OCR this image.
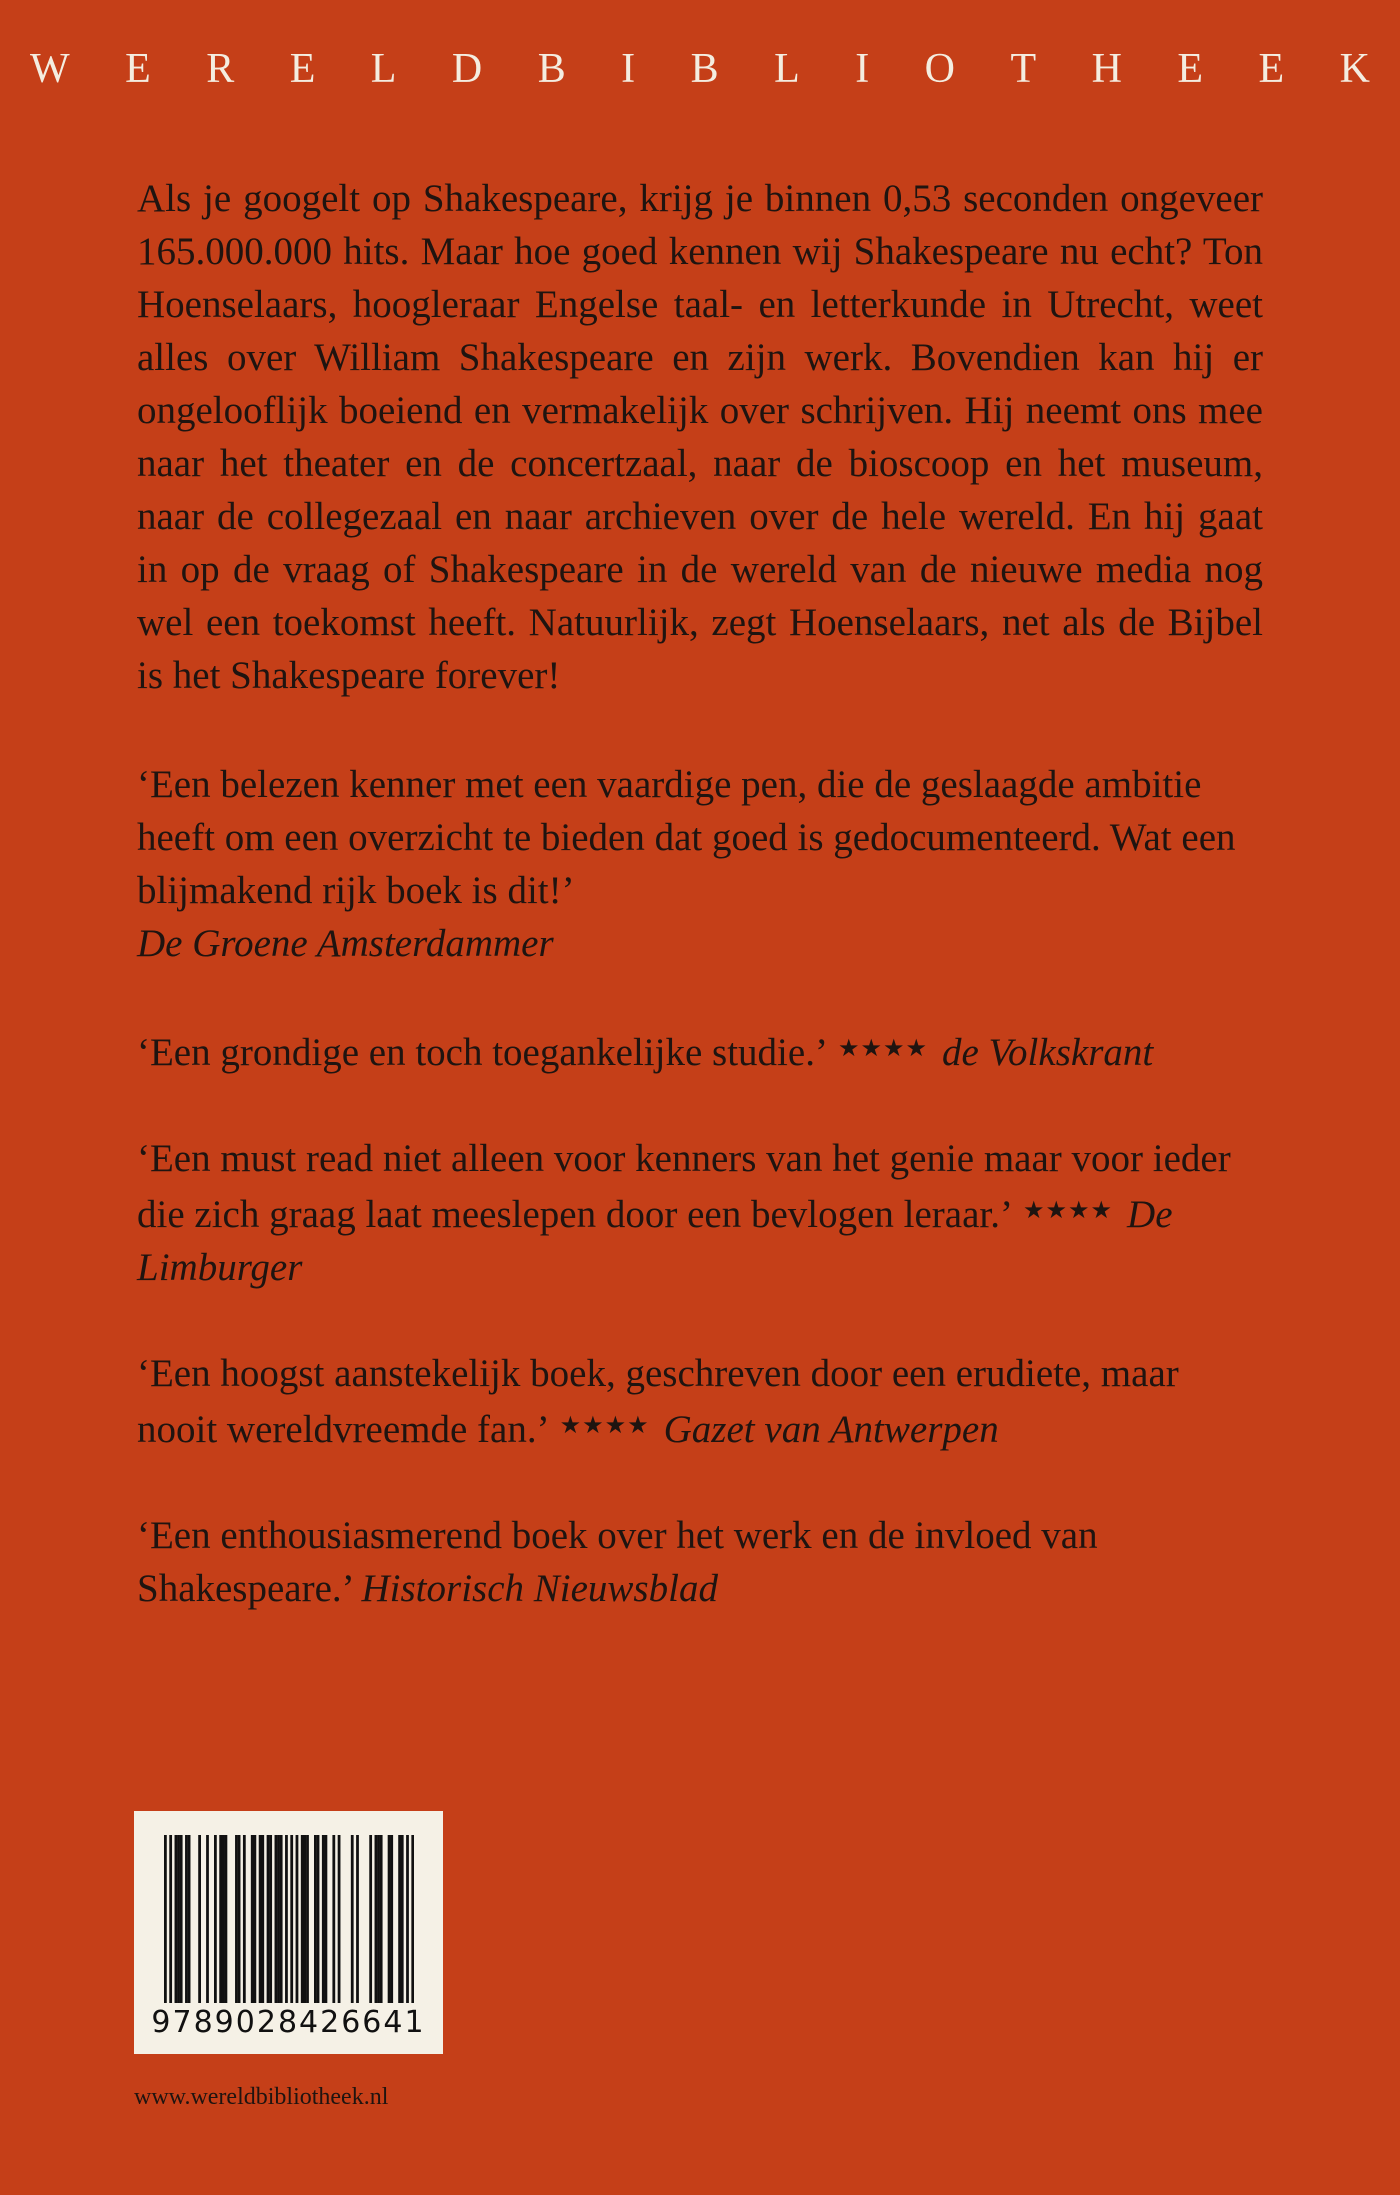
W E R E L D B I B L I O T H E E K

Als je googelt op Shakespeare, krijg je binnen 0,53 seconden ongeveer 165.000.000 hits. Maar hoe goed kennen wij Shakespeare nu echt? Ton Hoenselaars, hoogleraar Engelse taal- en letterkunde in Utrecht, weet alles over William Shakespeare en zijn werk. Bovendien kan hij er ongelooflijk boeiend en vermakelijk over schrijven. Hij neemt ons mee naar het theater en de concertzaal, naar de bioscoop en het museum, naar de collegezaal en naar archieven over de hele wereld. En hij gaat in op de vraag of Shakespeare in de wereld van de nieuwe media nog wel een toekomst heeft. Natuurlijk, zegt Hoenselaars, net als de Bijbel is het Shakespeare forever!

‘Een belezen kenner met een vaardige pen, die de geslaagde ambitie heeft om een overzicht te bieden dat goed is gedocumenteerd. Wat een blijmakend rijk boek is dit!’
De Groene Amsterdammer

‘Een grondige en toch toegankelijke studie.’ ★★★★ de Volkskrant

‘Een must read niet alleen voor kenners van het genie maar voor ieder die zich graag laat meeslepen door een bevlogen leraar.’ ★★★★ De Limburger

‘Een hoogst aanstekelijk boek, geschreven door een erudiete, maar nooit wereldvreemde fan.’ ★★★★ Gazet van Antwerpen

‘Een enthousiasmerend boek over het werk en de invloed van Shakespeare.’ Historisch Nieuwsblad

9789028426641
www.wereldbibliotheek.nl
